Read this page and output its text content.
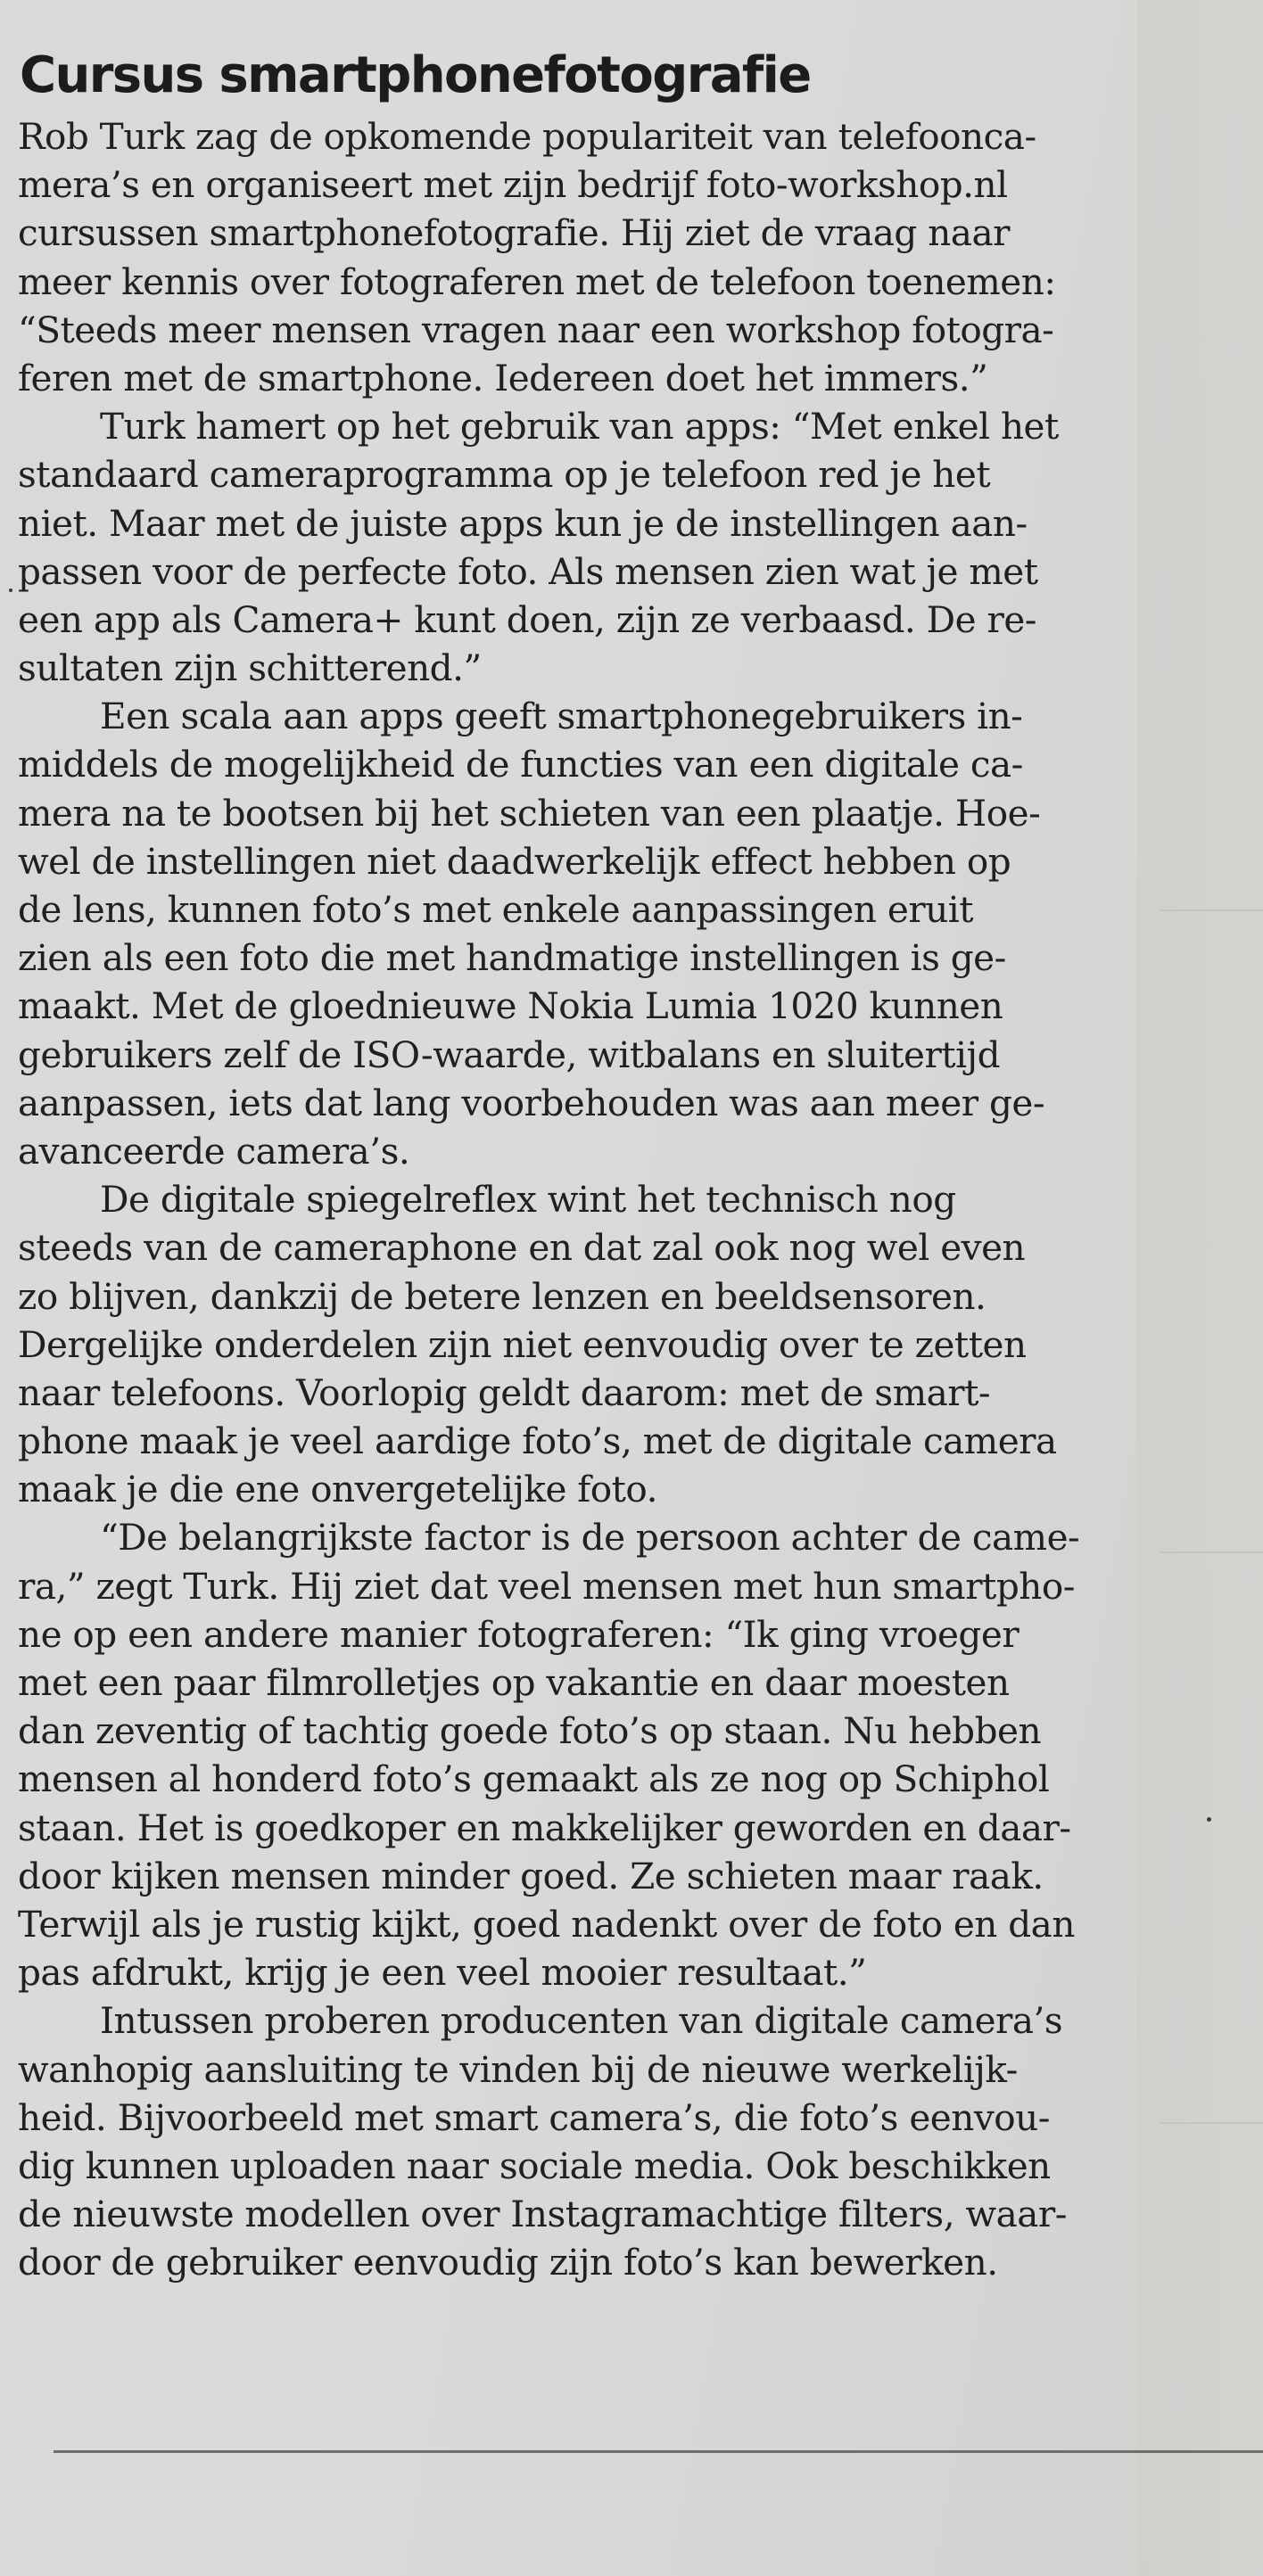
Cursus smartphonefotografie
Rob Turk zag de opkomende populariteit van telefoonca-
mera’s en organiseert met zijn bedrijf foto-workshop.nl
cursussen smartphonefotografie. Hij ziet de vraag naar
meer kennis over fotograferen met de telefoon toenemen:
“Steeds meer mensen vragen naar een workshop fotogra-
feren met de smartphone. Iedereen doet het immers.”
Turk hamert op het gebruik van apps: “Met enkel het
standaard cameraprogramma op je telefoon red je het
niet. Maar met de juiste apps kun je de instellingen aan-
passen voor de perfecte foto. Als mensen zien wat je met
een app als Camera+ kunt doen, zijn ze verbaasd. De re-
sultaten zijn schitterend.”
Een scala aan apps geeft smartphonegebruikers in-
middels de mogelijkheid de functies van een digitale ca-
mera na te bootsen bij het schieten van een plaatje. Hoe-
wel de instellingen niet daadwerkelijk effect hebben op
de lens, kunnen foto’s met enkele aanpassingen eruit
zien als een foto die met handmatige instellingen is ge-
maakt. Met de gloednieuwe Nokia Lumia 1020 kunnen
gebruikers zelf de ISO-waarde, witbalans en sluitertijd
aanpassen, iets dat lang voorbehouden was aan meer ge-
avanceerde camera’s.
De digitale spiegelreflex wint het technisch nog
steeds van de cameraphone en dat zal ook nog wel even
zo blijven, dankzij de betere lenzen en beeldsensoren.
Dergelijke onderdelen zijn niet eenvoudig over te zetten
naar telefoons. Voorlopig geldt daarom: met de smart-
phone maak je veel aardige foto’s, met de digitale camera
maak je die ene onvergetelijke foto.
“De belangrijkste factor is de persoon achter de came-
ra,” zegt Turk. Hij ziet dat veel mensen met hun smartpho-
ne op een andere manier fotograferen: “Ik ging vroeger
met een paar filmrolletjes op vakantie en daar moesten
dan zeventig of tachtig goede foto’s op staan. Nu hebben
mensen al honderd foto’s gemaakt als ze nog op Schiphol
staan. Het is goedkoper en makkelijker geworden en daar-
door kijken mensen minder goed. Ze schieten maar raak.
Terwijl als je rustig kijkt, goed nadenkt over de foto en dan
pas afdrukt, krijg je een veel mooier resultaat.”
Intussen proberen producenten van digitale camera’s
wanhopig aansluiting te vinden bij de nieuwe werkelijk-
heid. Bijvoorbeeld met smart camera’s, die foto’s eenvou-
dig kunnen uploaden naar sociale media. Ook beschikken
de nieuwste modellen over Instagramachtige filters, waar-
door de gebruiker eenvoudig zijn foto’s kan bewerken.
